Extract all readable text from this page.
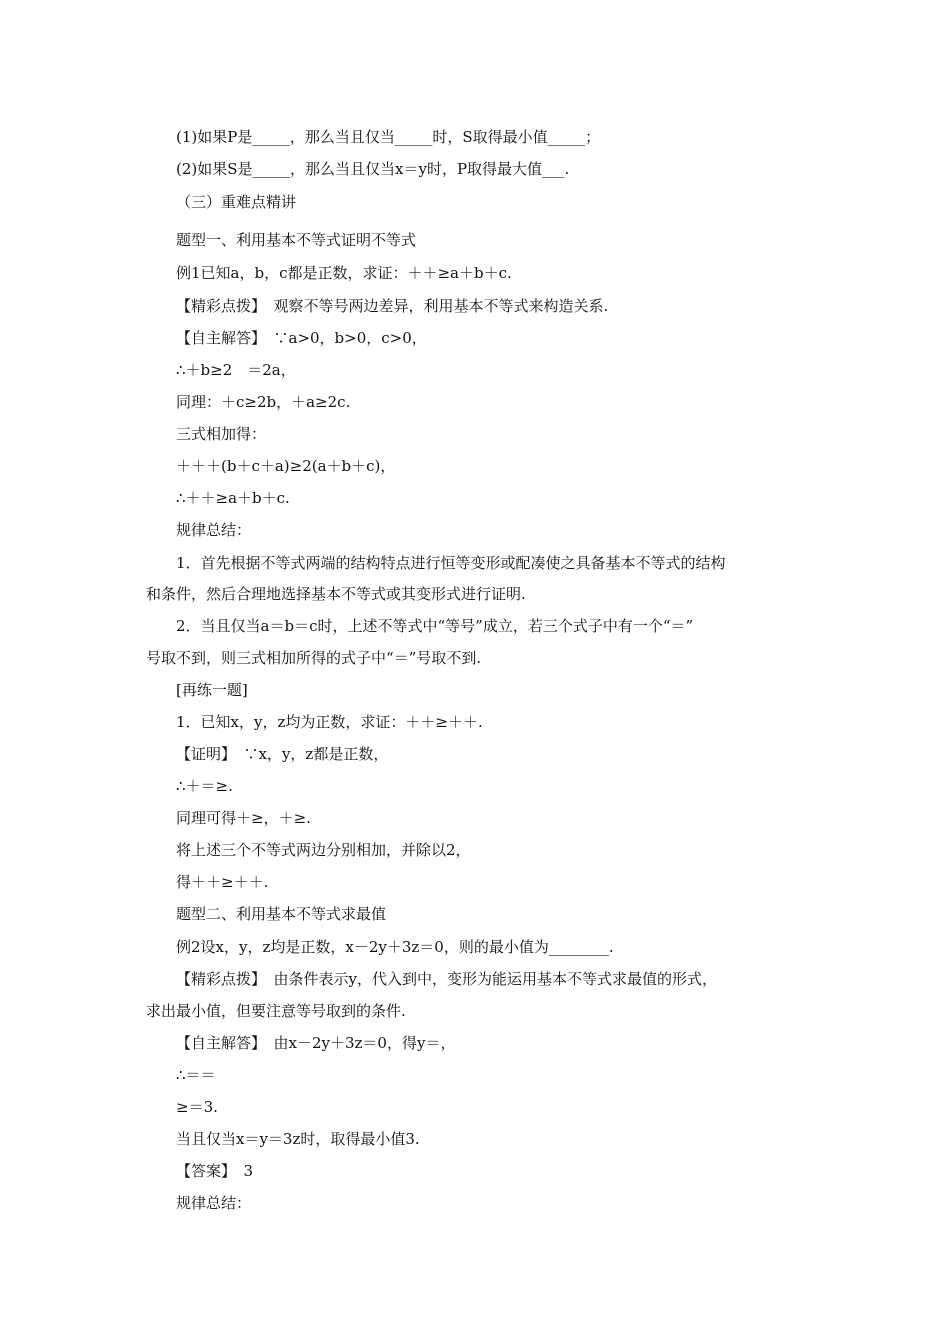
(1)如果P是_____，那么当且仅当_____时，S取得最小值_____；
(2)如果S是_____，那么当且仅当x＝y时，P取得最大值___.
（三）重难点精讲
题型一、利用基本不等式证明不等式
例1已知a，b，c都是正数，求证：＋＋≥a＋b＋c.
【精彩点拨】　观察不等号两边差异，利用基本不等式来构造关系.
【自主解答】　∵a>0，b>0，c>0，
∴＋b≥2　＝2a，
同理：＋c≥2b，＋a≥2c.
三式相加得：
＋＋＋(b＋c＋a)≥2(a＋b＋c)，
∴＋＋≥a＋b＋c.
规律总结：
1．首先根据不等式两端的结构特点进行恒等变形或配凑使之具备基本不等式的结构
和条件，然后合理地选择基本不等式或其变形式进行证明.
2．当且仅当a＝b＝c时，上述不等式中“等号”成立，若三个式子中有一个“＝”
号取不到，则三式相加所得的式子中“＝”号取不到.
[再练一题]
1．已知x，y，z均为正数，求证：＋＋≥＋＋.
【证明】　∵x，y，z都是正数，
∴＋＝≥.
同理可得＋≥，＋≥.
将上述三个不等式两边分别相加，并除以2，
得＋＋≥＋＋.
题型二、利用基本不等式求最值
例2设x，y，z均是正数，x－2y＋3z＝0，则的最小值为________.
【精彩点拨】　由条件表示y，代入到中，变形为能运用基本不等式求最值的形式，
求出最小值，但要注意等号取到的条件.
【自主解答】　由x－2y＋3z＝0，得y＝，
∴＝＝
≥＝3.
当且仅当x＝y＝3z时，取得最小值3.
【答案】　3
规律总结：
